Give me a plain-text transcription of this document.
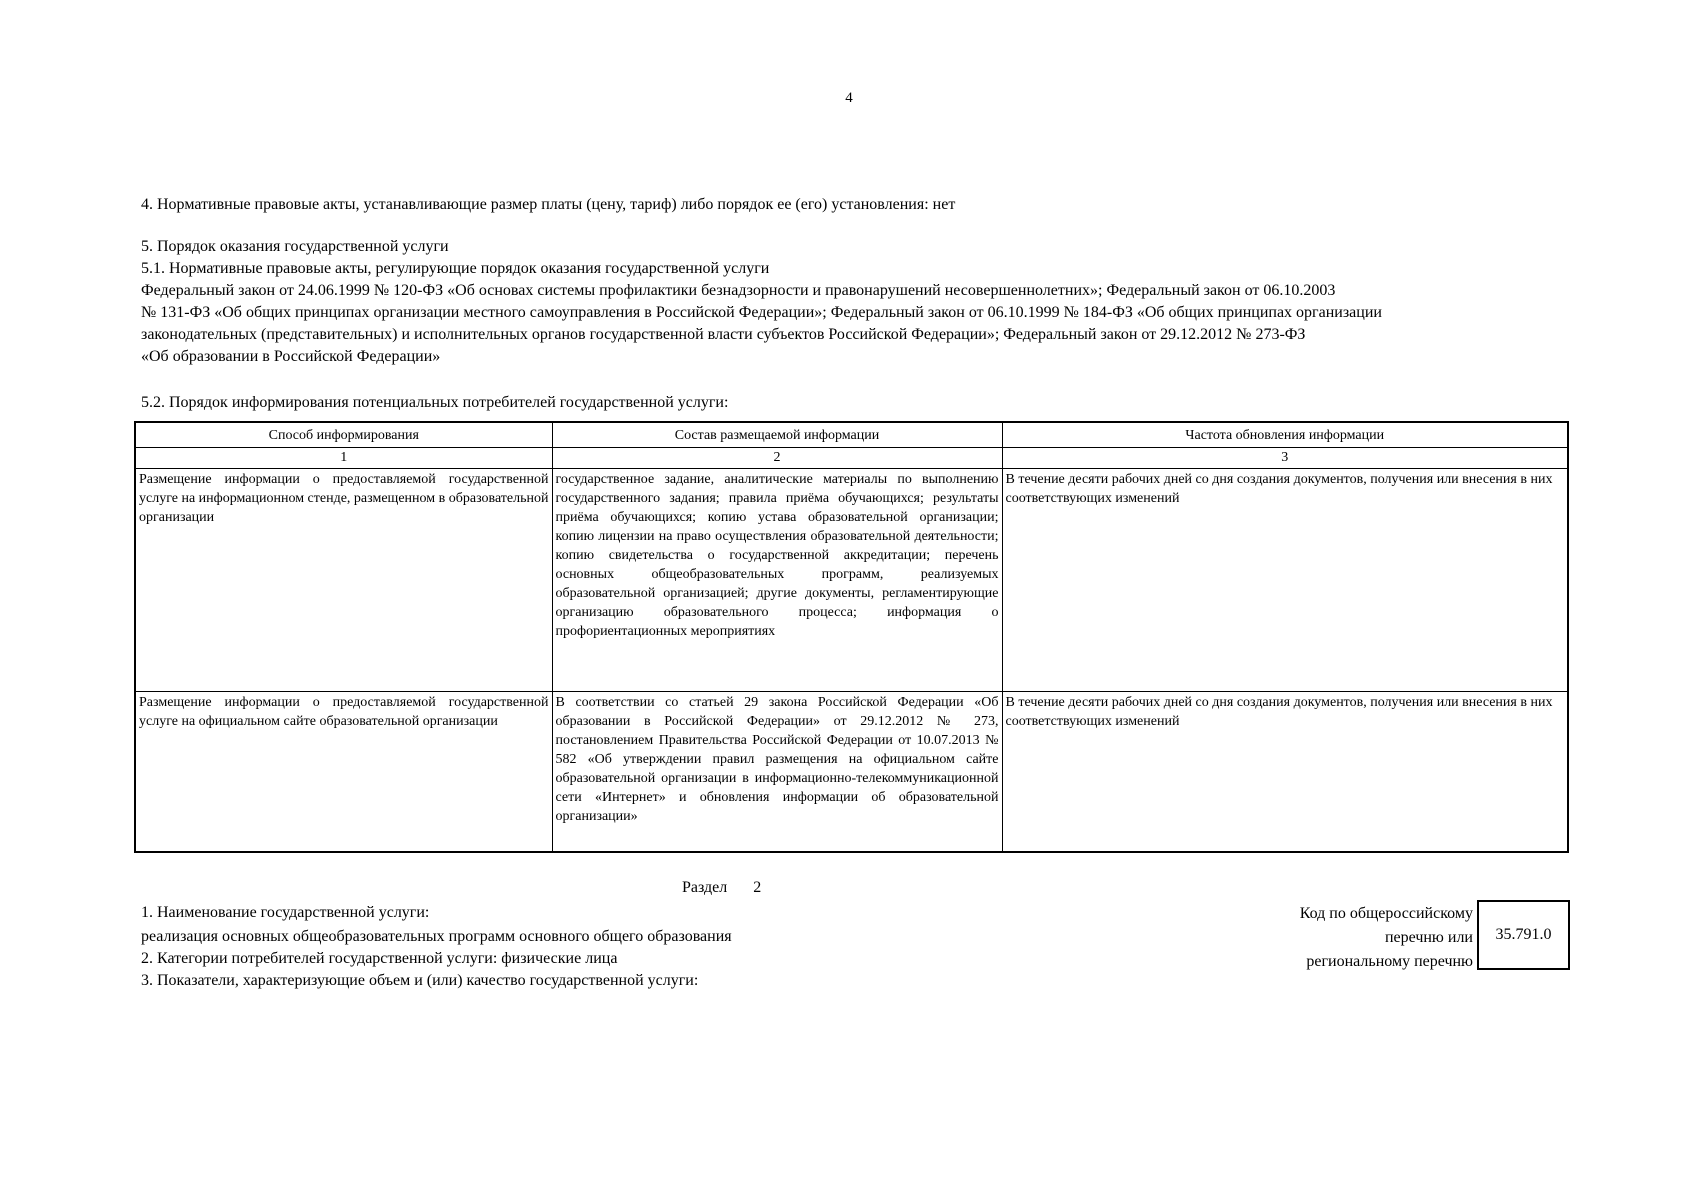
4
4. Нормативные правовые акты, устанавливающие размер платы (цену, тариф) либо порядок ее (его) установления: нет
5. Порядок оказания государственной услуги
5.1. Нормативные правовые акты, регулирующие порядок оказания государственной услуги
Федеральный закон от 24.06.1999 № 120-ФЗ «Об основах системы профилактики безнадзорности и правонарушений несовершеннолетних»; Федеральный закон от 06.10.2003
№ 131-ФЗ «Об общих принципах организации местного самоуправления в Российской Федерации»; Федеральный закон от 06.10.1999 № 184-ФЗ «Об общих принципах организации
законодательных (представительных) и исполнительных органов государственной власти субъектов Российской Федерации»; Федеральный закон от 29.12.2012 № 273-ФЗ
«Об образовании в Российской Федерации»
5.2. Порядок информирования потенциальных потребителей государственной услуги:
Способ информирования	Состав размещаемой информации	Частота обновления информации
1	2	3
Размещение информации о предоставляемой государственной услуге на информационном стенде, размещенном в образовательной организации	государственное задание, аналитические материалы по выполнению государственного задания; правила приёма обучающихся; результаты приёма обучающихся; копию устава образовательной организации; копию лицензии на право осуществления образовательной деятельности; копию свидетельства о государственной аккредитации; перечень основных общеобразовательных программ, реализуемых образовательной организацией; другие документы, регламентирующие организацию образовательного процесса; информация о профориентационных мероприятиях	В течение десяти рабочих дней со дня создания документов, получения или внесения в них соответствующих изменений
Размещение информации о предоставляемой государственной услуге на официальном сайте образовательной организации	В соответствии со статьей 29 закона Российской Федерации «Об образовании в Российской Федерации» от 29.12.2012 № 273, постановлением Правительства Российской Федерации от 10.07.2013 № 582 «Об утверждении правил размещения на официальном сайте образовательной организации в информационно-телекоммуникационной сети «Интернет» и обновления информации об образовательной организации»	В течение десяти рабочих дней со дня создания документов, получения или внесения в них соответствующих изменений
Раздел 2
1. Наименование государственной услуги:
реализация основных общеобразовательных программ основного общего образования
2. Категории потребителей государственной услуги: физические лица
3. Показатели, характеризующие объем и (или) качество государственной услуги:
Код по общероссийскому
перечню или
региональному перечню
35.791.0
